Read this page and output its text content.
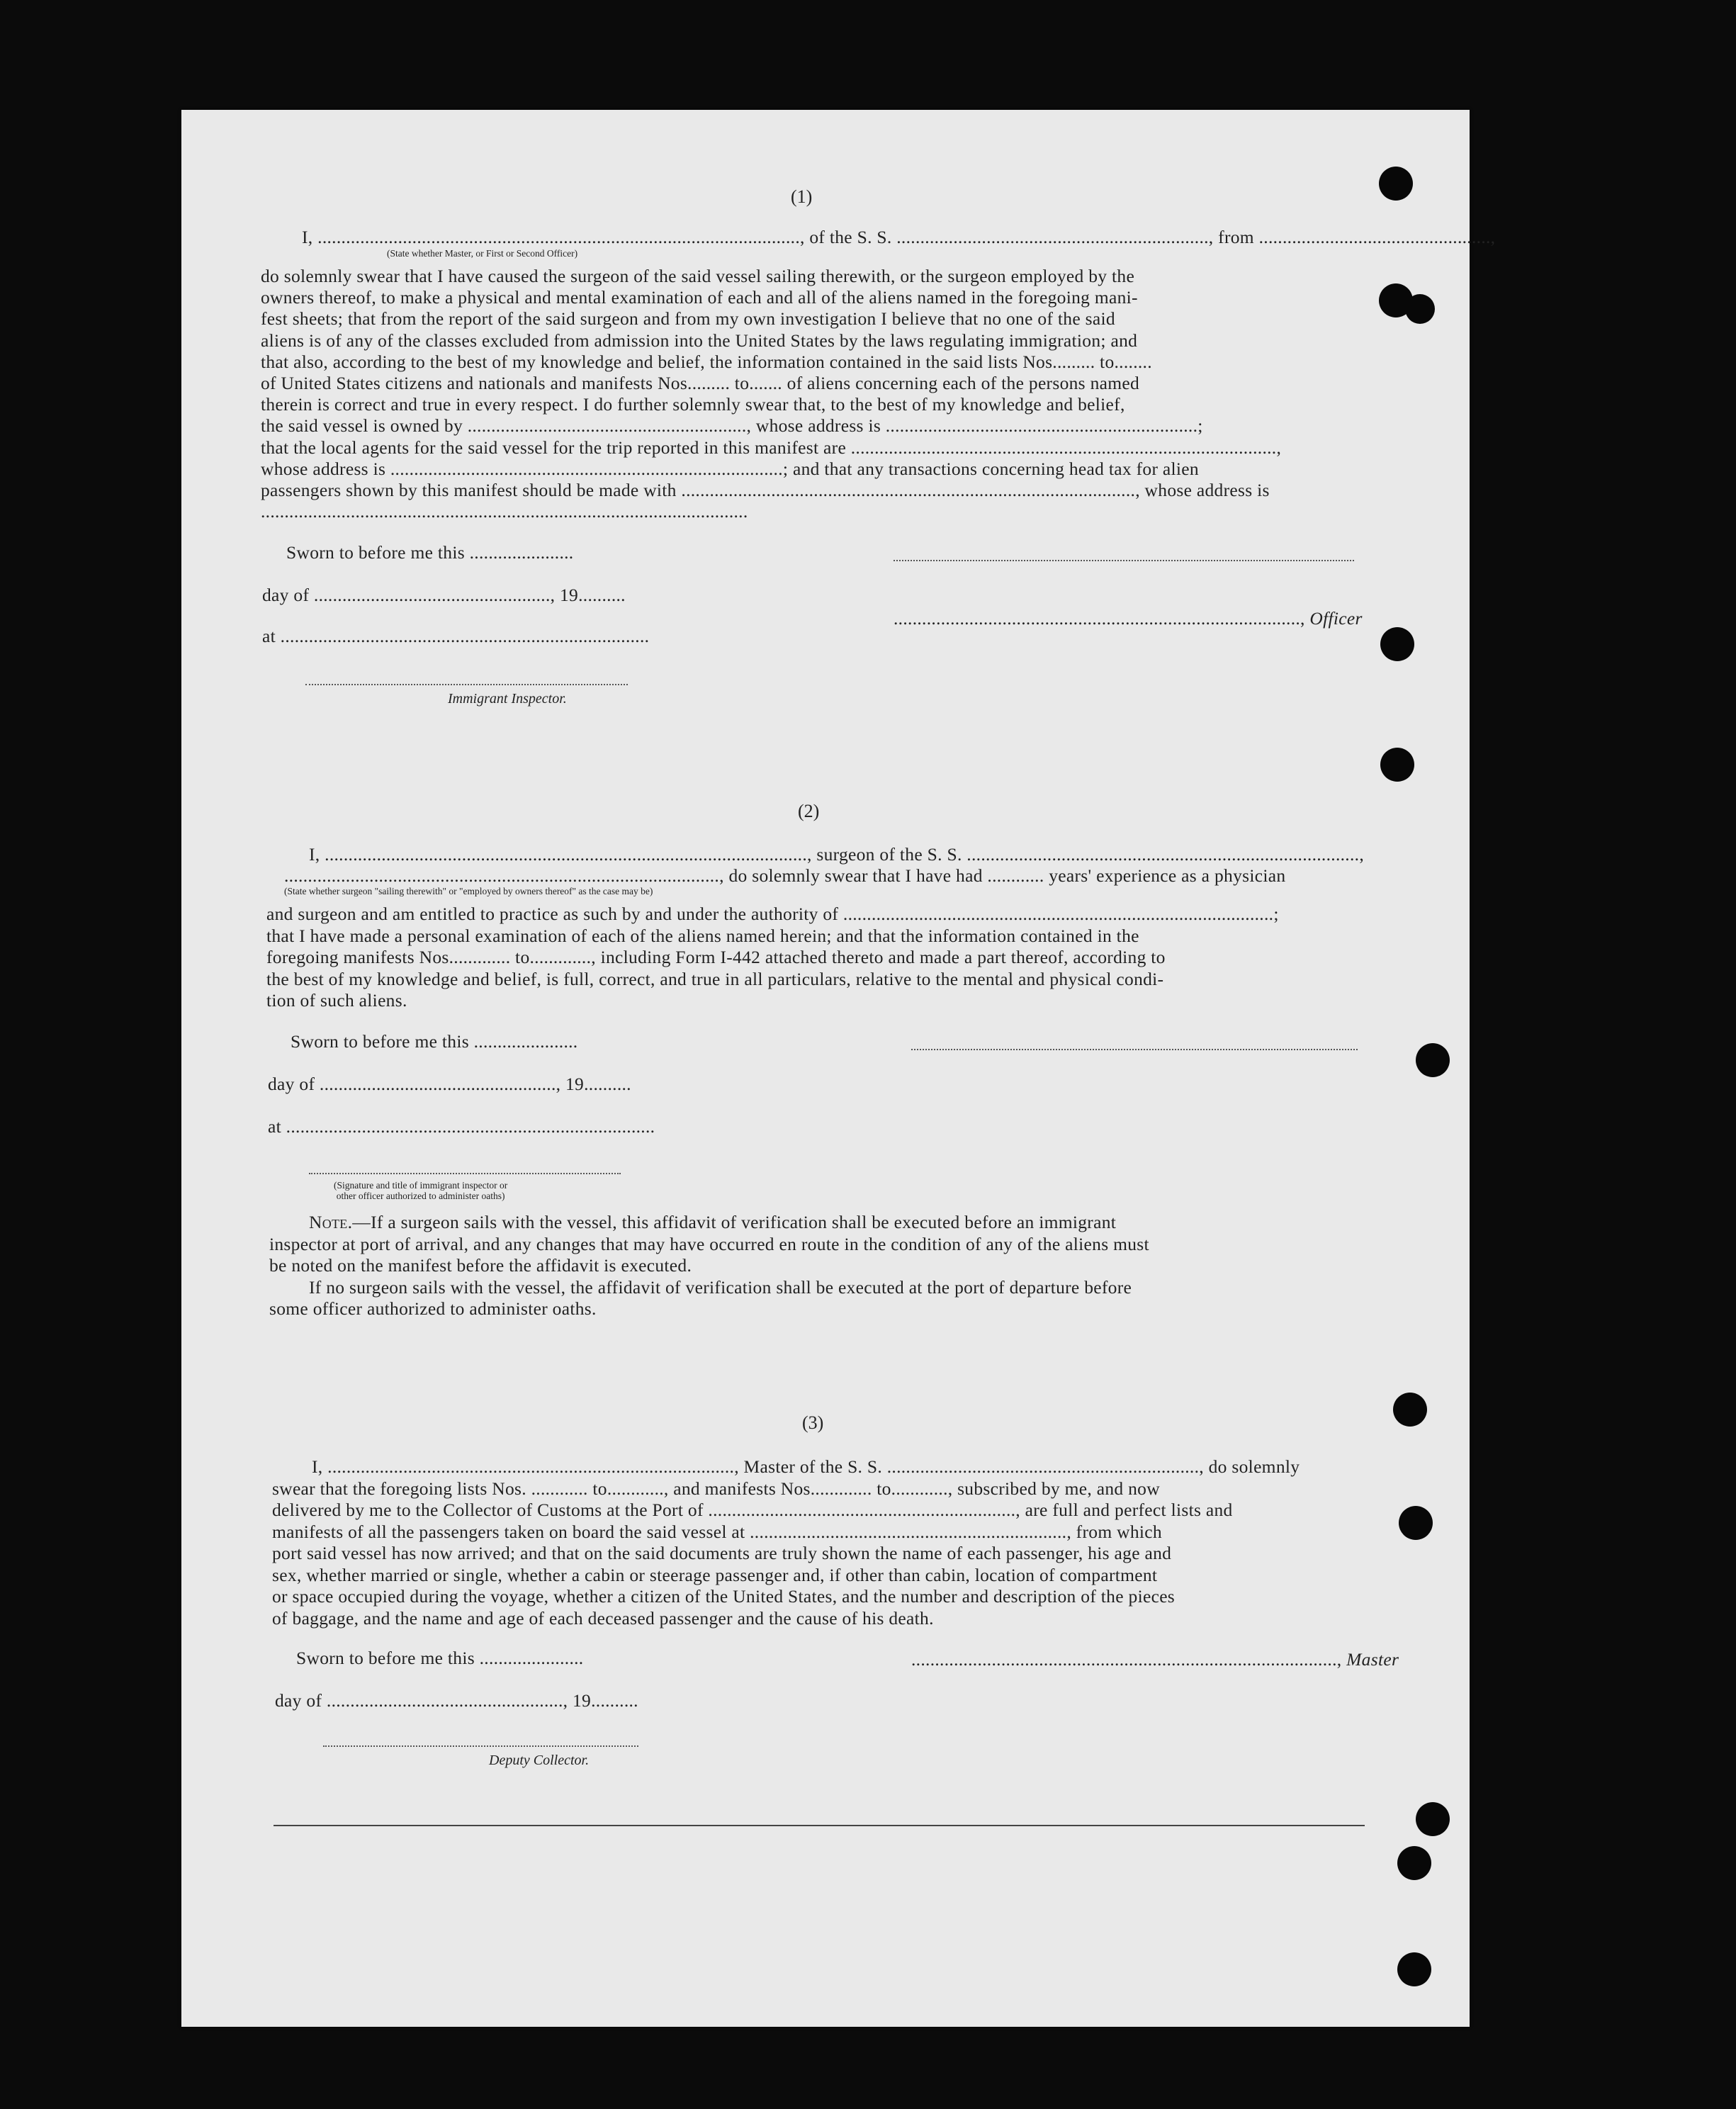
(1)
I, ......................................................................................................, of the S. S. .................................................................., from .................................................,
(State whether Master, or First or Second Officer)
do solemnly swear that I have caused the surgeon of the said vessel sailing therewith, or the surgeon employed by the
owners thereof, to make a physical and mental examination of each and all of the aliens named in the foregoing mani-
fest sheets; that from the report of the said surgeon and from my own investigation I believe that no one of the said
aliens is of any of the classes excluded from admission into the United States by the laws regulating immigration; and
that also, according to the best of my knowledge and belief, the information contained in the said lists Nos......... to........
of United States citizens and nationals and manifests Nos......... to....... of aliens concerning each of the persons named
therein is correct and true in every respect. I do further solemnly swear that, to the best of my knowledge and belief,
the said vessel is owned by ..........................................................., whose address is ..................................................................;
that the local agents for the said vessel for the trip reported in this manifest are ..........................................................................................,
whose address is ...................................................................................; and that any transactions concerning head tax for alien
passengers shown by this manifest should be made with ................................................................................................, whose address is
.......................................................................................................
Sworn to before me this ......................
day of .................................................., 19..........
at ..............................................................................
......................................................................................, Officer
Immigrant Inspector.
(2)
I, ......................................................................................................, surgeon of the S. S. ...................................................................................,
............................................................................................, do solemnly swear that I have had ............ years' experience as a physician
(State whether surgeon "sailing therewith" or "employed by owners thereof" as the case may be)
and surgeon and am entitled to practice as such by and under the authority of ...........................................................................................;
that I have made a personal examination of each of the aliens named herein; and that the information contained in the
foregoing manifests Nos............. to............., including Form I-442 attached thereto and made a part thereof, according to
the best of my knowledge and belief, is full, correct, and true in all particulars, relative to the mental and physical condi-
tion of such aliens.
Sworn to before me this ......................
day of .................................................., 19..........
at ..............................................................................
(Signature and title of immigrant inspector or
other officer authorized to administer oaths)
Note.—If a surgeon sails with the vessel, this affidavit of verification shall be executed before an immigrant
inspector at port of arrival, and any changes that may have occurred en route in the condition of any of the aliens must
be noted on the manifest before the affidavit is executed.
If no surgeon sails with the vessel, the affidavit of verification shall be executed at the port of departure before
some officer authorized to administer oaths.
(3)
I, ......................................................................................, Master of the S. S. .................................................................., do solemnly
swear that the foregoing lists Nos. ............ to............, and manifests Nos............. to............, subscribed by me, and now
delivered by me to the Collector of Customs at the Port of ................................................................., are full and perfect lists and
manifests of all the passengers taken on board the said vessel at ..................................................................., from which
port said vessel has now arrived; and that on the said documents are truly shown the name of each passenger, his age and
sex, whether married or single, whether a cabin or steerage passenger and, if other than cabin, location of compartment
or space occupied during the voyage, whether a citizen of the United States, and the number and description of the pieces
of baggage, and the name and age of each deceased passenger and the cause of his death.
Sworn to before me this ......................
day of .................................................., 19..........
.........................................................................................., Master
Deputy Collector.
